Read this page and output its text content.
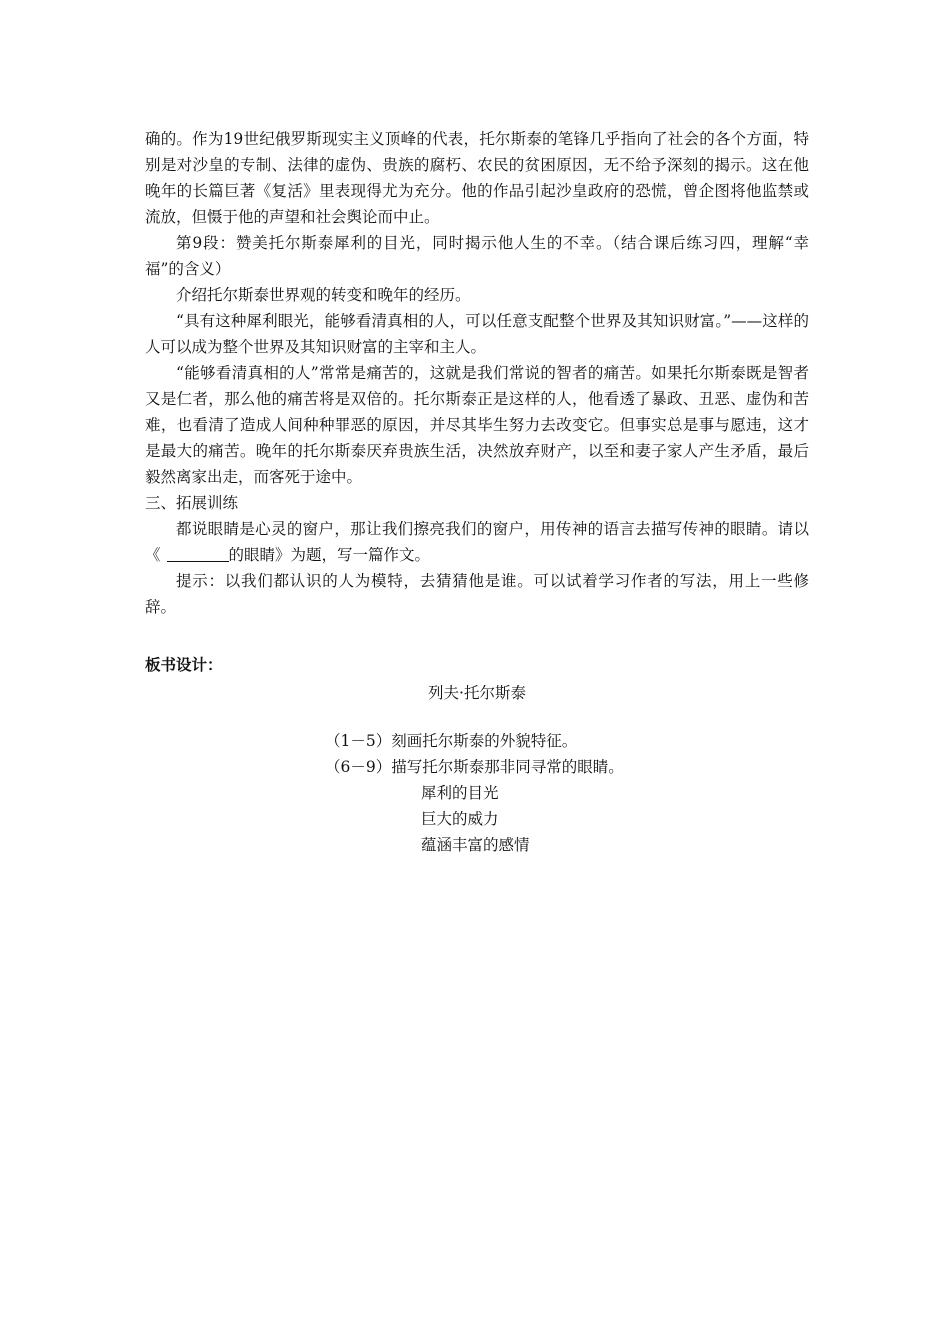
确的。作为19世纪俄罗斯现实主义顶峰的代表，托尔斯泰的笔锋几乎指向了社会的各个方面，特别是对沙皇的专制、法律的虚伪、贵族的腐朽、农民的贫困原因，无不给予深刻的揭示。这在他晚年的长篇巨著《复活》里表现得尤为充分。他的作品引起沙皇政府的恐慌，曾企图将他监禁或流放，但慑于他的声望和社会舆论而中止。

第9段：赞美托尔斯泰犀利的目光，同时揭示他人生的不幸。（结合课后练习四，理解“幸福”的含义）

介绍托尔斯泰世界观的转变和晚年的经历。

“具有这种犀利眼光，能够看清真相的人，可以任意支配整个世界及其知识财富。”——这样的人可以成为整个世界及其知识财富的主宰和主人。

“能够看清真相的人”常常是痛苦的，这就是我们常说的智者的痛苦。如果托尔斯泰既是智者又是仁者，那么他的痛苦将是双倍的。托尔斯泰正是这样的人，他看透了暴政、丑恶、虚伪和苦难，也看清了造成人间种种罪恶的原因，并尽其毕生努力去改变它。但事实总是事与愿违，这才是最大的痛苦。晚年的托尔斯泰厌弃贵族生活，决然放弃财产，以至和妻子家人产生矛盾，最后毅然离家出走，而客死于途中。

三、拓展训练

都说眼睛是心灵的窗户，那让我们擦亮我们的窗户，用传神的语言去描写传神的眼睛。请以《	的眼睛》为题，写一篇作文。

提示：以我们都认识的人为模特，去猜猜他是谁。可以试着学习作者的写法，用上一些修辞。

板书设计：

列夫·托尔斯泰

（1－5）刻画托尔斯泰的外貌特征。
（6－9）描写托尔斯泰那非同寻常的眼睛。
犀利的目光
巨大的威力
蕴涵丰富的感情
